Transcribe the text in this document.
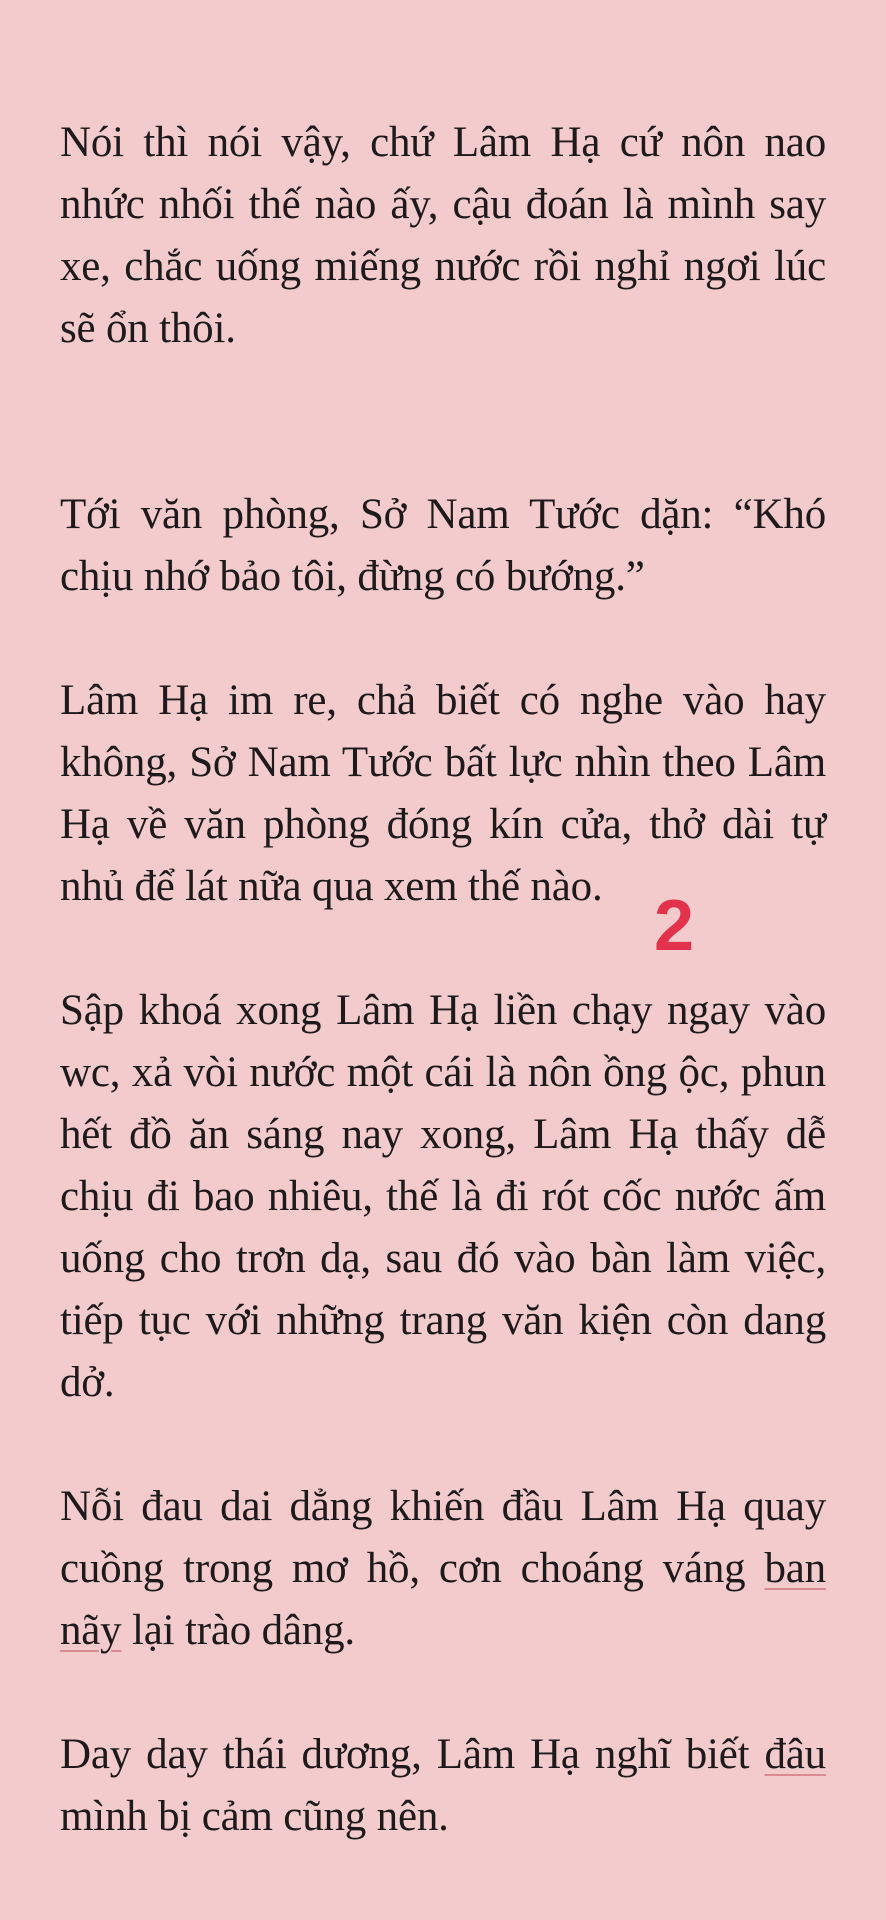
Nói thì nói vậy, chứ Lâm Hạ cứ nôn nao nhức nhối thế nào ấy, cậu đoán là mình say xe, chắc uống miếng nước rồi nghỉ ngơi lúc sẽ ổn thôi.

Tới văn phòng, Sở Nam Tước dặn: “Khó chịu nhớ bảo tôi, đừng có bướng.”

Lâm Hạ im re, chả biết có nghe vào hay không, Sở Nam Tước bất lực nhìn theo Lâm Hạ về văn phòng đóng kín cửa, thở dài tự nhủ để lát nữa qua xem thế nào.

Sập khoá xong Lâm Hạ liền chạy ngay vào wc, xả vòi nước một cái là nôn ồng ộc, phun hết đồ ăn sáng nay xong, Lâm Hạ thấy dễ chịu đi bao nhiêu, thế là đi rót cốc nước ấm uống cho trơn dạ, sau đó vào bàn làm việc, tiếp tục với những trang văn kiện còn dang dở.

Nỗi đau dai dẳng khiến đầu Lâm Hạ quay cuồng trong mơ hồ, cơn choáng váng ban nãy lại trào dâng.

Day day thái dương, Lâm Hạ nghĩ biết đâu mình bị cảm cũng nên.

2
